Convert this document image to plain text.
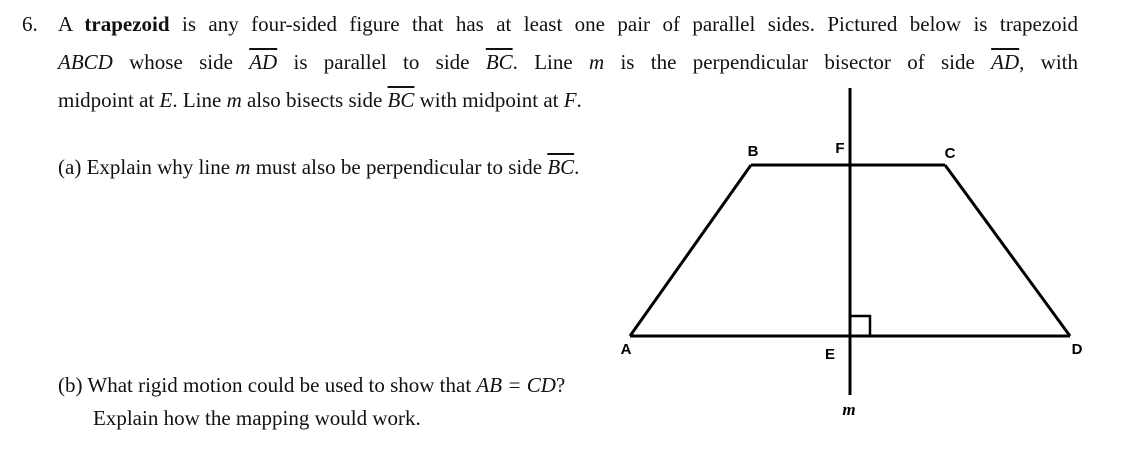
6. A trapezoid is any four-sided figure that has at least one pair of parallel sides. Pictured below is trapezoid
ABCD whose side $\overline{AD}$ is parallel to side $\overline{BC}$. Line m is the perpendicular bisector of side $\overline{AD}$, with
midpoint at E. Line m also bisects side $\overline{BC}$ with midpoint at F.
(a) Explain why line m must also be perpendicular to side $\overline{BC}$.
(b) What rigid motion could be used to show that AB = CD?
Explain how the mapping would work.
B	F	C
A	E	D
m
